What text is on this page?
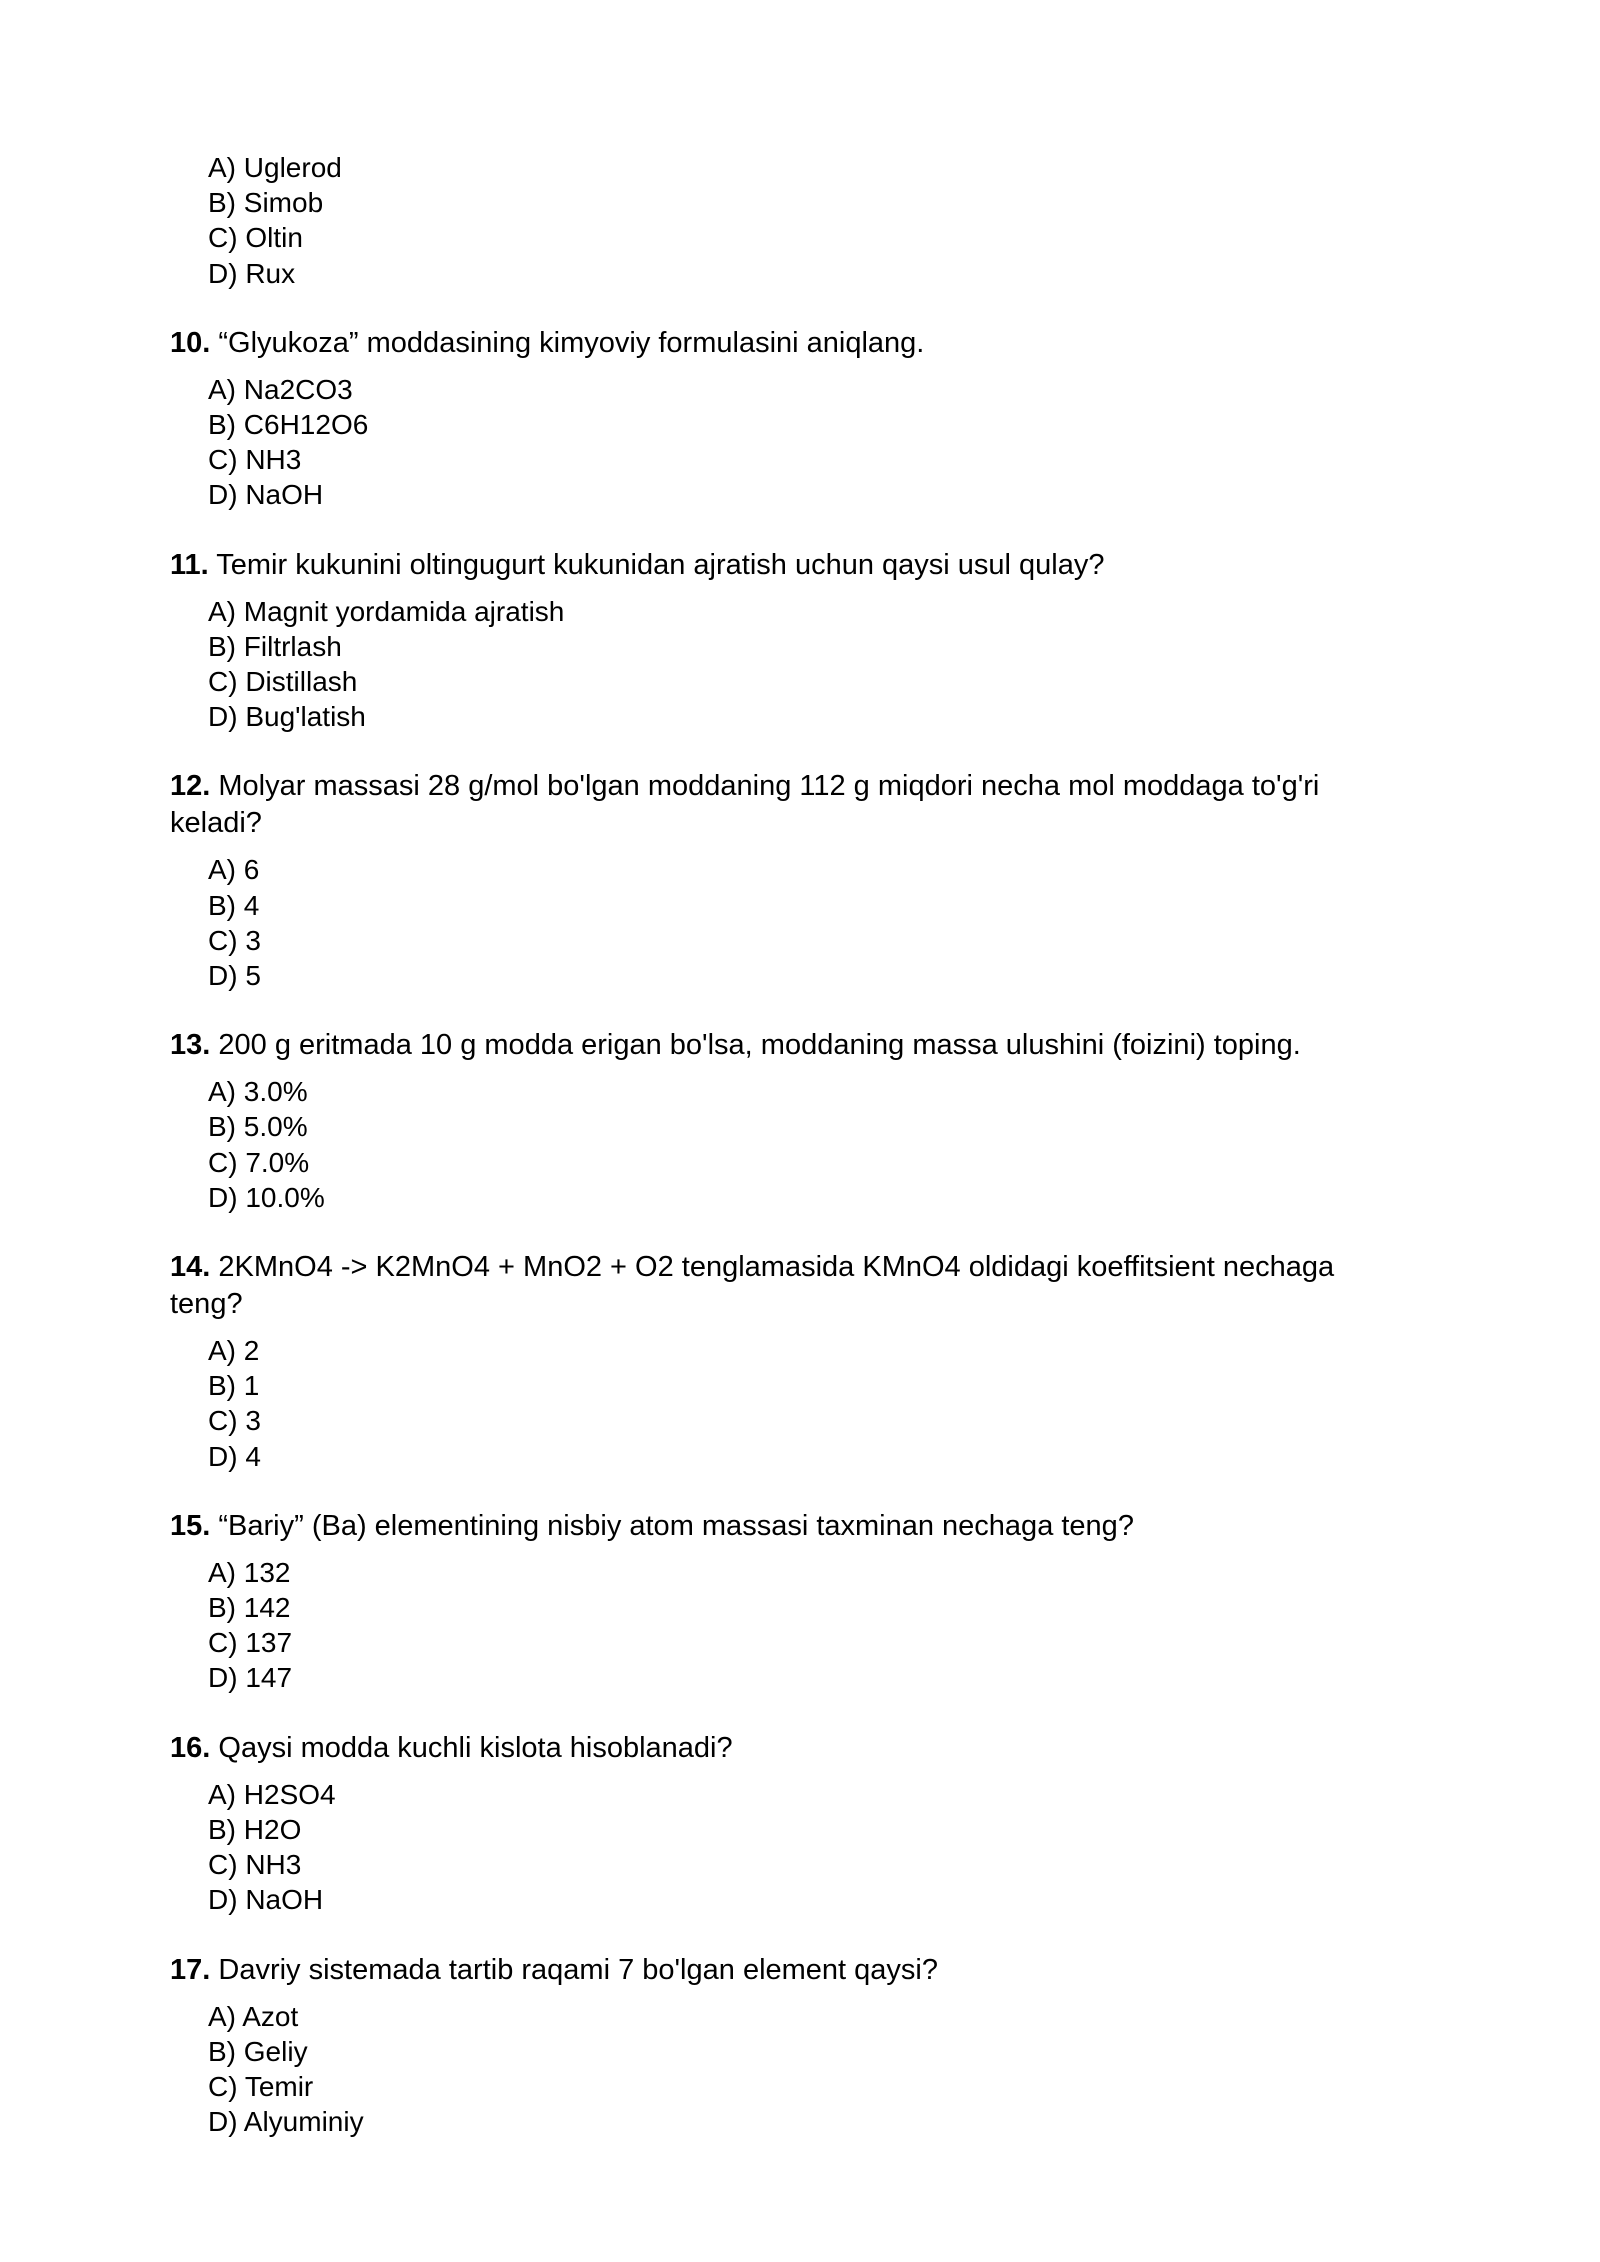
A) Uglerod
B) Simob
C) Oltin
D) Rux

10. “Glyukoza” moddasining kimyoviy formulasini aniqlang.

A) Na2CO3
B) C6H12O6
C) NH3
D) NaOH

11. Temir kukunini oltingugurt kukunidan ajratish uchun qaysi usul qulay?

A) Magnit yordamida ajratish
B) Filtrlash
C) Distillash
D) Bug'latish

12. Molyar massasi 28 g/mol bo'lgan moddaning 112 g miqdori necha mol moddaga to'g'ri keladi?

A) 6
B) 4
C) 3
D) 5

13. 200 g eritmada 10 g modda erigan bo'lsa, moddaning massa ulushini (foizini) toping.

A) 3.0%
B) 5.0%
C) 7.0%
D) 10.0%

14. 2KMnO4 -> K2MnO4 + MnO2 + O2 tenglamasida KMnO4 oldidagi koeffitsient nechaga teng?

A) 2
B) 1
C) 3
D) 4

15. “Bariy” (Ba) elementining nisbiy atom massasi taxminan nechaga teng?

A) 132
B) 142
C) 137
D) 147

16. Qaysi modda kuchli kislota hisoblanadi?

A) H2SO4
B) H2O
C) NH3
D) NaOH

17. Davriy sistemada tartib raqami 7 bo'lgan element qaysi?

A) Azot
B) Geliy
C) Temir
D) Alyuminiy
